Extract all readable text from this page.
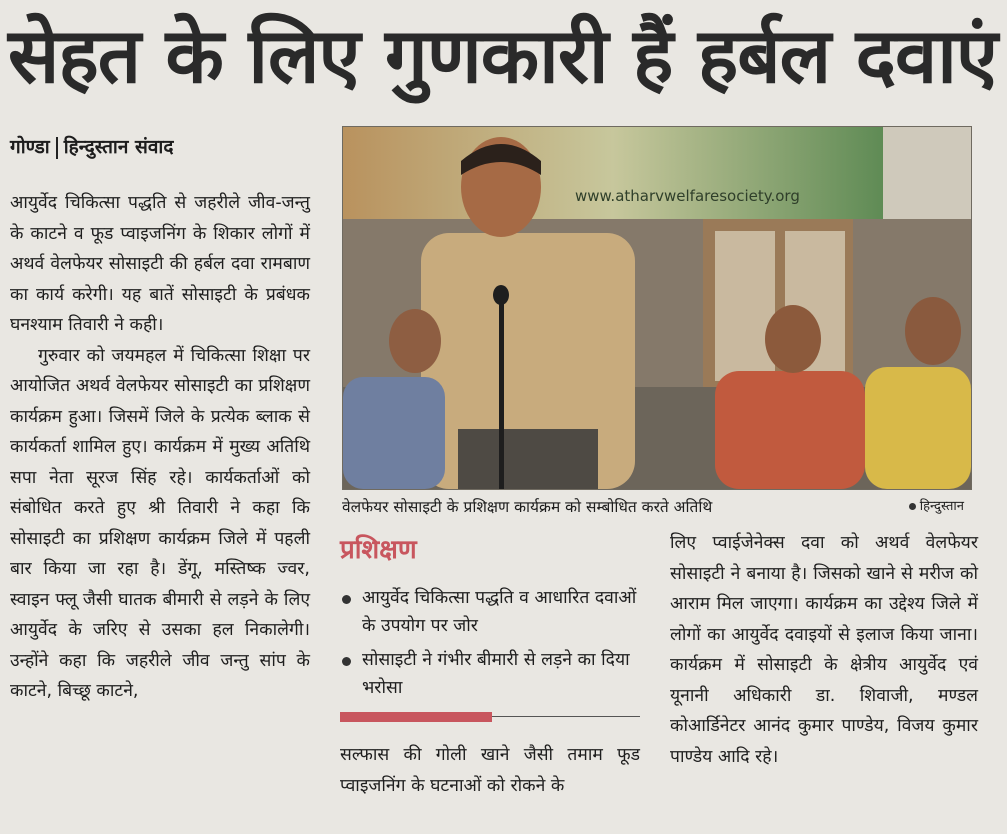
सेहत के लिए गुणकारी हैं हर्बल दवाएं
गोण्डा हिन्दुस्तान संवाद

आयुर्वेद चिकित्सा पद्धति से जहरीले जीव-जन्तु के काटने व फूड प्वाइजनिंग के शिकार लोगों में अथर्व वेलफेयर सोसाइटी की हर्बल दवा रामबाण का कार्य करेगी। यह बातें सोसाइटी के प्रबंधक घनश्याम तिवारी ने कही।

गुरुवार को जयमहल में चिकित्सा शिक्षा पर आयोजित अथर्व वेलफेयर सोसाइटी का प्रशिक्षण कार्यक्रम हुआ। जिसमें जिले के प्रत्येक ब्लाक से कार्यकर्ता शामिल हुए। कार्यक्रम में मुख्य अतिथि सपा नेता सूरज सिंह रहे। कार्यकर्ताओं को संबोधित करते हुए श्री तिवारी ने कहा कि सोसाइटी का प्रशिक्षण कार्यक्रम जिले में पहली बार किया जा रहा है। डेंगू, मस्तिष्क ज्वर, स्वाइन फ्लू जैसी घातक बीमारी से लड़ने के लिए आयुर्वेद के जरिए से उसका हल निकालेगी। उन्होंने कहा कि जहरीले जीव जन्तु सांप के काटने, बिच्छू काटने,

www.atharvwelfaresociety.org
वेलफेयर सोसाइटी के प्रशिक्षण कार्यक्रम को सम्बोधित करते अतिथि	हिन्दुस्तान
प्रशिक्षण
आयुर्वेद चिकित्सा पद्धति व आधारित दवाओं के उपयोग पर जोर
सोसाइटी ने गंभीर बीमारी से लड़ने का दिया भरोसा

सल्फास की गोली खाने जैसी तमाम फूड प्वाइजनिंग के घटनाओं को रोकने के

लिए प्वाईजेनेक्स दवा को अथर्व वेलफेयर सोसाइटी ने बनाया है। जिसको खाने से मरीज को आराम मिल जाएगा। कार्यक्रम का उद्देश्य जिले में लोगों का आयुर्वेद दवाइयों से इलाज किया जाना। कार्यक्रम में सोसाइटी के क्षेत्रीय आयुर्वेद एवं यूनानी अधिकारी डा. शिवाजी, मण्डल कोआर्डिनेटर आनंद कुमार पाण्डेय, विजय कुमार पाण्डेय आदि रहे।
